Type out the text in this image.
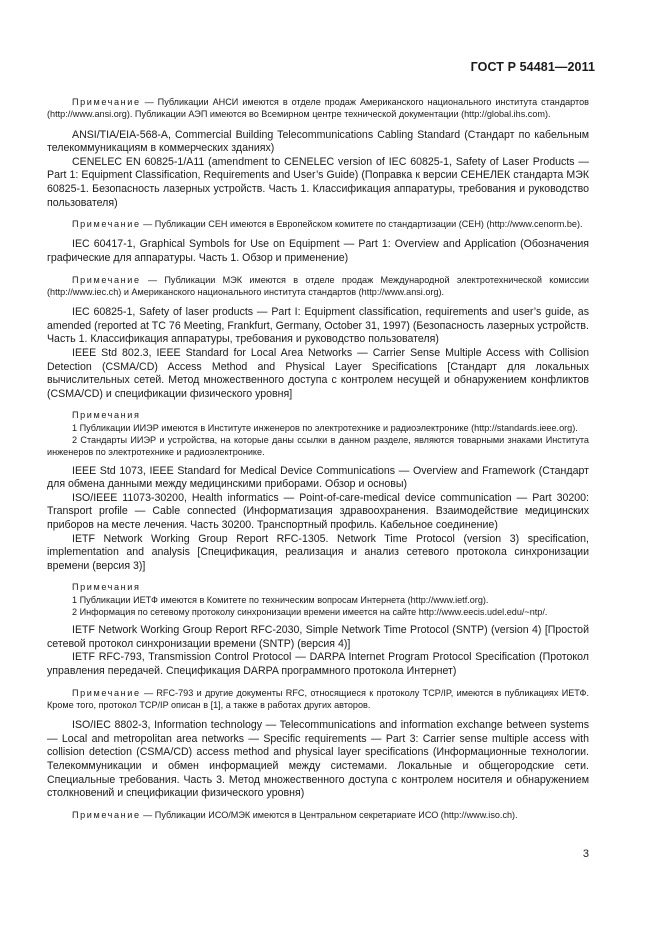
ГОСТ Р 54481—2011

Примечание — Публикации АНСИ имеются в отделе продаж Американского национального института стандартов (http://www.ansi.org). Публикации АЭП имеются во Всемирном центре технической документации (http://global.ihs.com).

ANSI/TIA/EIA-568-A, Commercial Building Telecommunications Cabling Standard (Стандарт по кабельным телекоммуникациям в коммерческих зданиях)

CENELEC EN 60825-1/A11 (amendment to CENELEC version of IEC 60825-1, Safety of Laser Products — Part 1: Equipment Classification, Requirements and User’s Guide) (Поправка к версии СЕНЕЛЕК стандарта МЭК 60825-1. Безопасность лазерных устройств. Часть 1. Классификация аппаратуры, требования и руководство пользователя)

Примечание — Публикации СЕН имеются в Европейском комитете по стандартизации (СЕН) (http://www.cenorm.be).

IEC 60417-1, Graphical Symbols for Use on Equipment — Part 1: Overview and Application (Обозначения графические для аппаратуры. Часть 1. Обзор и применение)

Примечание — Публикации МЭК имеются в отделе продаж Международной электротехнической комиссии (http://www.iec.ch) и Американского национального института стандартов (http://www.ansi.org).

IEC 60825-1, Safety of laser products — Part I: Equipment classification, requirements and user’s guide, as amended (reported at TC 76 Meeting, Frankfurt, Germany, October 31, 1997) (Безопасность лазерных устройств. Часть 1. Классификация аппаратуры, требования и руководство пользователя)

IEEE Std 802.3, IEEE Standard for Local Area Networks — Carrier Sense Multiple Access with Collision Detection (CSMA/CD) Access Method and Physical Layer Specifications [Стандарт для локальных вычислительных сетей. Метод множественного доступа с контролем несущей и обнаружением конфликтов (CSMA/CD) и спецификации физического уровня]

Примечания

1 Публикации ИИЭР имеются в Институте инженеров по электротехнике и радиоэлектронике (http://standards.ieee.org).

2 Стандарты ИИЭР и устройства, на которые даны ссылки в данном разделе, являются товарными знаками Института инженеров по электротехнике и радиоэлектронике.

IEEE Std 1073, IEEE Standard for Medical Device Communications — Overview and Framework (Стандарт для обмена данными между медицинскими приборами. Обзор и основы)

ISO/IEEE 11073-30200, Health informatics — Point-of-care-medical device communication — Part 30200: Transport profile — Cable connected (Информатизация здравоохранения. Взаимодействие медицинских приборов на месте лечения. Часть 30200. Транспортный профиль. Кабельное соединение)

IETF Network Working Group Report RFC-1305. Network Time Protocol (version 3) specification, implementation and analysis [Спецификация, реализация и анализ сетевого протокола синхронизации времени (версия 3)]

Примечания

1 Публикации ИЕТФ имеются в Комитете по техническим вопросам Интернета (http://www.ietf.org).

2 Информация по сетевому протоколу синхронизации времени имеется на сайте http://www.eecis.udel.edu/~ntp/.

IETF Network Working Group Report RFC-2030, Simple Network Time Protocol (SNTP) (version 4) [Простой сетевой протокол синхронизации времени (SNTP) (версия 4)]

IETF RFC-793, Transmission Control Protocol — DARPA Internet Program Protocol Specification (Протокол управления передачей. Спецификация DARPA программного протокола Интернет)

Примечание — RFC-793 и другие документы RFC, относящиеся к протоколу TCP/IP, имеются в публикациях ИЕТФ. Кроме того, протокол TCP/IP описан в [1], а также в работах других авторов.

ISO/IEC 8802-3, Information technology — Telecommunications and information exchange between systems — Local and metropolitan area networks — Specific requirements — Part 3: Carrier sense multiple access with collision detection (CSMA/CD) access method and physical layer specifications (Информационные технологии. Телекоммуникации и обмен информацией между системами. Локальные и общегородские сети. Специальные требования. Часть 3. Метод множественного доступа с контролем носителя и обнаружением столкновений и спецификации физического уровня)

Примечание — Публикации ИСО/МЭК имеются в Центральном секретариате ИСО (http://www.iso.ch).

3
